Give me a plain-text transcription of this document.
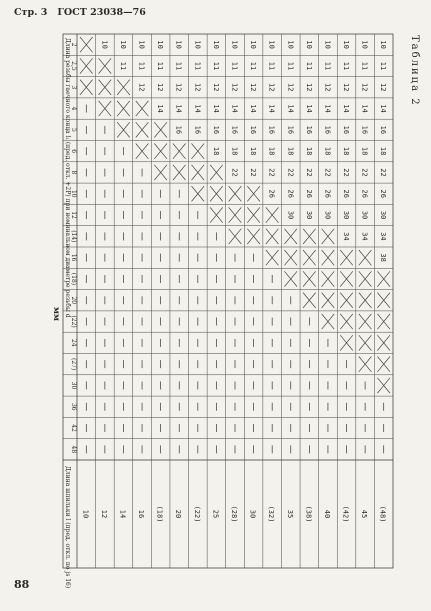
Стр. 3 ГОСТ 23038—76
2
2,5
3
4
5
6
8
10
12
(14)
16
(18)
20
(22)
24
(27)
30
36
42
48
Длина резьбы гаечного конца l₁ (пред. откл. +2P) при номинальном диаметре резьбы d
Длина шпильки l (пред. откл. по js 16) 10 12
10
14
10
11
16
10
11
12
(18)
10
11
12
14
20
10
11
12
14
16
(22)
10
11
12
14
16
25
10
11
12
14
16
18
(28)
10
11
12
14
16
18
22
30
10
11
12
14
16
18
22
(32)
10
11
12
14
16
18
22
26
35
10
11
12
14
16
18
22
26
30
(38)
10
11
12
14
16
18
22
26
30
40
10
11
12
14
16
18
22
26
30
(42)
10
11
12
14
16
18
22
26
30
34
45
10
11
12
14
16
18
22
26
30
34
(48)
10
11
12
14
16
18
22
26
30
34
38
Таблица 2
мм
88
